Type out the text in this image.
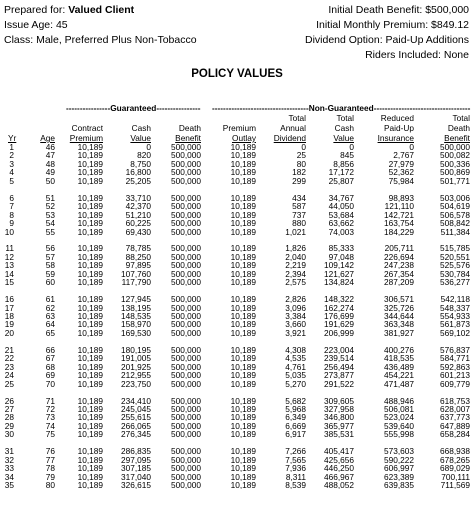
Prepared for: Valued Client
Issue Age: 45
Class: Male, Preferred Plus Non-Tobacco
Initial Death Benefit: $500,000
Initial Monthly Premium: $849.12
Dividend Option: Paid-Up Additions
Riders Included: None
POLICY VALUES
----------------Guaranteed---------------- -----------------------------------Non-Guaranteed-----------------------------------
						Total	Total	Reduced	Total
		Contract	Cash	Death	Premium	Annual	Cash	Paid-Up	Death
Yr	Age	Premium	Value	Benefit	Outlay	Dividend	Value	Insurance	Benefit
1	46	10,189	0	500,000	10,189	0	0	0	500,000
2	47	10,189	820	500,000	10,189	25	845	2,767	500,082
3	48	10,189	8,750	500,000	10,189	80	8,856	27,979	500,336
4	49	10,189	16,800	500,000	10,189	182	17,172	52,362	500,869
5	50	10,189	25,205	500,000	10,189	299	25,807	75,984	501,771

6	51	10,189	33,710	500,000	10,189	434	34,767	98,893	503,006
7	52	10,189	42,370	500,000	10,189	587	44,050	121,110	504,619
8	53	10,189	51,210	500,000	10,189	737	53,684	142,721	506,578
9	54	10,189	60,225	500,000	10,189	880	63,662	163,754	508,842
10	55	10,189	69,430	500,000	10,189	1,021	74,003	184,229	511,384

11	56	10,189	78,785	500,000	10,189	1,826	85,333	205,711	515,785
12	57	10,189	88,250	500,000	10,189	2,040	97,048	226,694	520,551
13	58	10,189	97,895	500,000	10,189	2,219	109,142	247,238	525,576
14	59	10,189	107,760	500,000	10,189	2,394	121,627	267,354	530,784
15	60	10,189	117,790	500,000	10,189	2,575	134,824	287,209	536,277

16	61	10,189	127,945	500,000	10,189	2,826	148,322	306,571	542,118
17	62	10,189	138,195	500,000	10,189	3,096	162,274	325,726	548,337
18	63	10,189	148,535	500,000	10,189	3,384	176,699	344,644	554,933
19	64	10,189	158,970	500,000	10,189	3,660	191,629	363,348	561,873
20	65	10,189	169,530	500,000	10,189	3,921	206,999	381,927	569,102

21	66	10,189	180,195	500,000	10,189	4,308	223,004	400,276	576,837
22	67	10,189	191,005	500,000	10,189	4,535	239,514	418,535	584,771
23	68	10,189	201,925	500,000	10,189	4,761	256,494	436,489	592,863
24	69	10,189	212,955	500,000	10,189	5,035	273,877	454,221	601,213
25	70	10,189	223,750	500,000	10,189	5,270	291,522	471,487	609,779

26	71	10,189	234,410	500,000	10,189	5,682	309,605	488,946	618,753
27	72	10,189	245,045	500,000	10,189	5,968	327,958	506,081	628,007
28	73	10,189	255,615	500,000	10,189	6,349	346,800	523,024	637,773
29	74	10,189	266,065	500,000	10,189	6,669	365,977	539,640	647,889
30	75	10,189	276,345	500,000	10,189	6,917	385,531	555,998	658,284

31	76	10,189	286,835	500,000	10,189	7,266	405,417	573,603	668,938
32	77	10,189	297,095	500,000	10,189	7,565	425,656	590,222	678,265
33	78	10,189	307,185	500,000	10,189	7,936	446,250	606,997	689,029
34	79	10,189	317,040	500,000	10,189	8,311	466,967	623,389	700,111
35	80	10,189	326,615	500,000	10,189	8,539	488,052	639,835	711,569
